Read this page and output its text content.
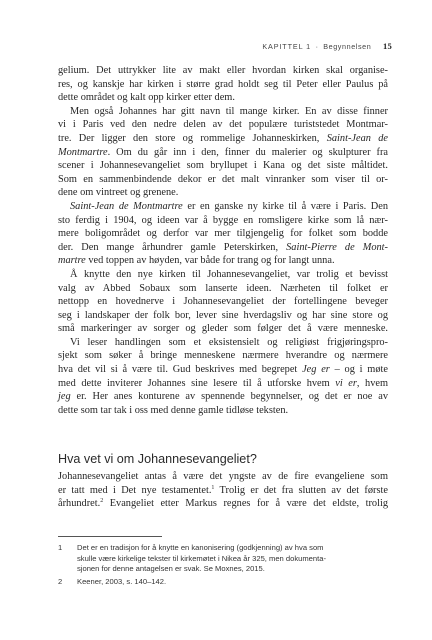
KAPITTEL 1 · Begynnelsen 15

gelium. Det uttrykker lite av makt eller hvordan kirken skal organise-

res, og kanskje har kirken i større grad holdt seg til Peter eller Paulus på

dette området og kalt opp kirker etter dem.

Men også Johannes har gitt navn til mange kirker. En av disse finner

vi i Paris ved den nedre delen av det populære turiststedet Montmar-

tre. Der ligger den store og rommelige Johanneskirken, Saint-Jean de

Montmartre. Om du går inn i den, finner du malerier og skulpturer fra

scener i Johannesevangeliet som bryllupet i Kana og det siste måltidet.

Som en sammenbindende dekor er det malt vinranker som viser til or-

dene om vintreet og grenene.

Saint-Jean de Montmartre er en ganske ny kirke til å være i Paris. Den

sto ferdig i 1904, og ideen var å bygge en romsligere kirke som lå nær-

mere boligområdet og derfor var mer tilgjengelig for folket som bodde

der. Den mange århundrer gamle Peterskirken, Saint-Pierre de Mont-

martre ved toppen av høyden, var både for trang og for langt unna.

Å knytte den nye kirken til Johannesevangeliet, var trolig et bevisst

valg av Abbed Sobaux som lanserte ideen. Nærheten til folket er

nettopp en hovednerve i Johannesevangeliet der fortellingene beveger

seg i landskaper der folk bor, lever sine hverdagsliv og har sine store og

små markeringer av sorger og gleder som følger det å være menneske.

Vi leser handlingen som et eksistensielt og religiøst frigjøringspro-

sjekt som søker å bringe menneskene nærmere hverandre og nærmere

hva det vil si å være til. Gud beskrives med begrepet Jeg er – og i møte

med dette inviterer Johannes sine lesere til å utforske hvem vi er, hvem

jeg er. Her anes konturene av spennende begynnelser, og det er noe av

dette som tar tak i oss med denne gamle tidløse teksten.

Hva vet vi om Johannesevangeliet?

Johannesevangeliet antas å være det yngste av de fire evangeliene som

er tatt med i Det nye testamentet.$^1$ Trolig er det fra slutten av det første

århundret.$^2$ Evangeliet etter Markus regnes for å være det eldste, trolig

1	Det er en tradisjon for å knytte en kanonisering (godkjenning) av hva som
skulle være kirkelige tekster til kirkemøtet i Nikea år 325, men dokumenta-
sjonen for denne antagelsen er svak. Se Moxnes, 2015.
2	Keener, 2003, s. 140–142.
